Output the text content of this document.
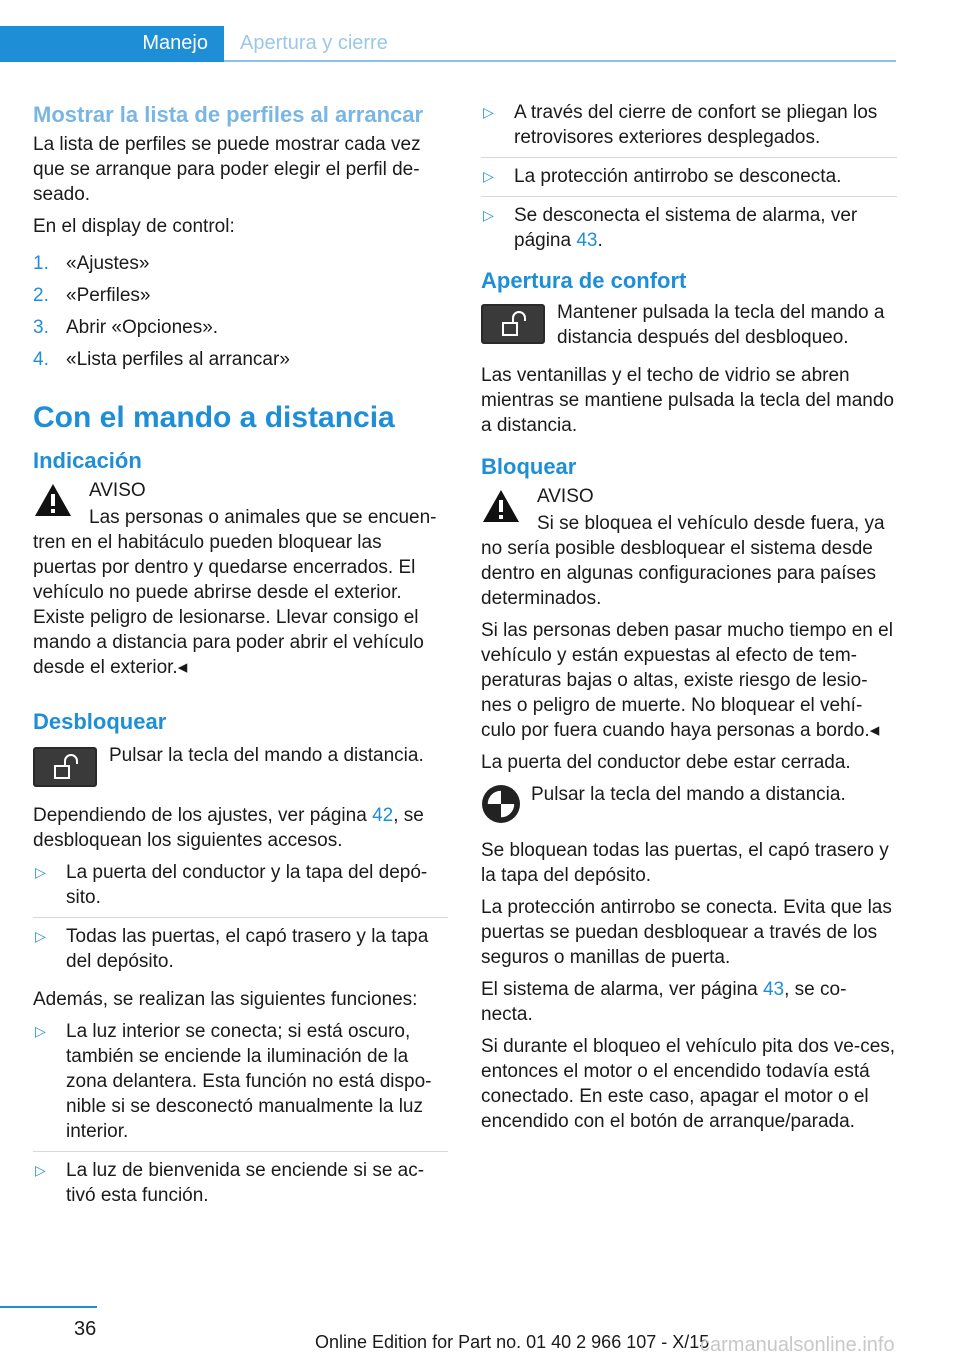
Manejo Apertura y cierre
Mostrar la lista de perfiles al arrancar

La lista de perfiles se puede mostrar cada vez que se arranque para poder elegir el perfil de-seado.

En el display de control:

1. «Ajustes»
2. «Perfiles»
3. Abrir «Opciones».
4. «Lista perfiles al arrancar»
Con el mando a distancia
Indicación

AVISO

Las personas o animales que se encuen-tren en el habitáculo pueden bloquear las puertas por dentro y quedarse encerrados. El vehículo no puede abrirse desde el exterior. Existe peligro de lesionarse. Llevar consigo el mando a distancia para poder abrir el vehículo desde el exterior.◂

Desbloquear

Pulsar la tecla del mando a distancia.

Dependiendo de los ajustes, ver página 42, se desbloquean los siguientes accesos.

▷ La puerta del conductor y la tapa del depó-sito.
▷ Todas las puertas, el capó trasero y la tapa del depósito.

Además, se realizan las siguientes funciones:

▷ La luz interior se conecta; si está oscuro, también se enciende la iluminación de la zona delantera. Esta función no está dispo-nible si se desconectó manualmente la luz interior.
▷ La luz de bienvenida se enciende si se ac-tivó esta función.
▷ A través del cierre de confort se pliegan los retrovisores exteriores desplegados.
▷ La protección antirrobo se desconecta.
▷ Se desconecta el sistema de alarma, ver página 43.
Apertura de confort

Mantener pulsada la tecla del mando a distancia después del desbloqueo.

Las ventanillas y el techo de vidrio se abren mientras se mantiene pulsada la tecla del mando a distancia.

Bloquear

AVISO

Si se bloquea el vehículo desde fuera, ya no sería posible desbloquear el sistema desde dentro en algunas configuraciones para países determinados.

Si las personas deben pasar mucho tiempo en el vehículo y están expuestas al efecto de tem-peraturas bajas o altas, existe riesgo de lesio-nes o peligro de muerte. No bloquear el vehí-culo por fuera cuando haya personas a bordo.◂

La puerta del conductor debe estar cerrada.

Pulsar la tecla del mando a distancia.

Se bloquean todas las puertas, el capó trasero y la tapa del depósito.

La protección antirrobo se conecta. Evita que las puertas se puedan desbloquear a través de los seguros o manillas de puerta.

El sistema de alarma, ver página 43, se co-necta.

Si durante el bloqueo el vehículo pita dos ve-ces, entonces el motor o el encendido todavía está conectado. En este caso, apagar el motor o el encendido con el botón de arranque/parada.

36
Online Edition for Part no. 01 40 2 966 107 - X/15
carmanualsonline.info
